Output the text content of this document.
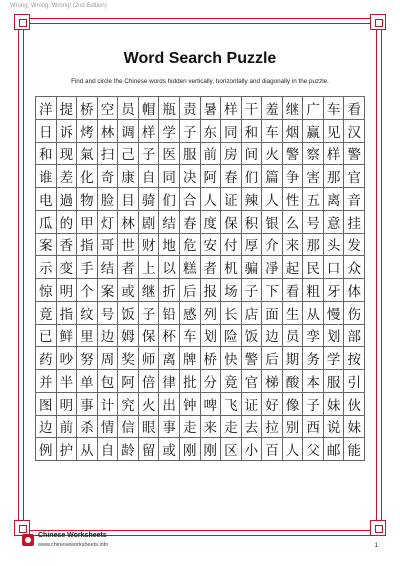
Wrong, Wrong, Wrong! (2nd Edition)
Word Search Puzzle
Find and circle the Chinese words hidden vertically, horizontally and diagonally in the puzzle.
洋 提 桥 空 员 帽 瓶 责 暑 样 干 羞 继 广 车 看
日 诉 烤 林 调 样 学 子 东 同 和 车 烟 赢 见 汉
和 现 氣 扫 己 子 医 服 前 房 间 火 警 察 样 警
谁 差 化 奇 康 自 同 决 阿 春 们 篇 争 害 那 官
电 過 物 脸 目 骑 们 合 人 证 辣 人 性 五 离 音
瓜 的 甲 灯 林 剧 结 春 度 保 积 银 么 号 意 挂
案 香 指 哥 世 财 地 危 安 付 厚 介 来 那 头 发
示 变 手 结 者 上 以 糕 者 机 骗 凈 起 民 口 众
惊 明 个 案 或 继 折 后 报 场 子 下 看 粗 牙 体
竟 指 纹 号 饭 子 铅 感 列 长 店 面 生 从 慢 伤
已 鲜 里 边 姆 保 杯 车 划 险 饭 边 员 孪 划 部
药 吵 努 周 奖 师 离 牌 桥 快 警 后 期 务 学 按
并 半 单 包 阿 倍 律 批 分 竟 官 梯 酸 本 服 引
图 明 事 计 究 火 出 钟 啤 飞 证 好 像 子 妹 伙
边 前 杀 情 信 眼 事 走 来 走 去 拉 别 西 说 妹
例 护 从 自 龄 留 或 刚 刚 区 小 百 人 父 邮 能
Chinese Worksheets
www.chineseworksheets.info	1
